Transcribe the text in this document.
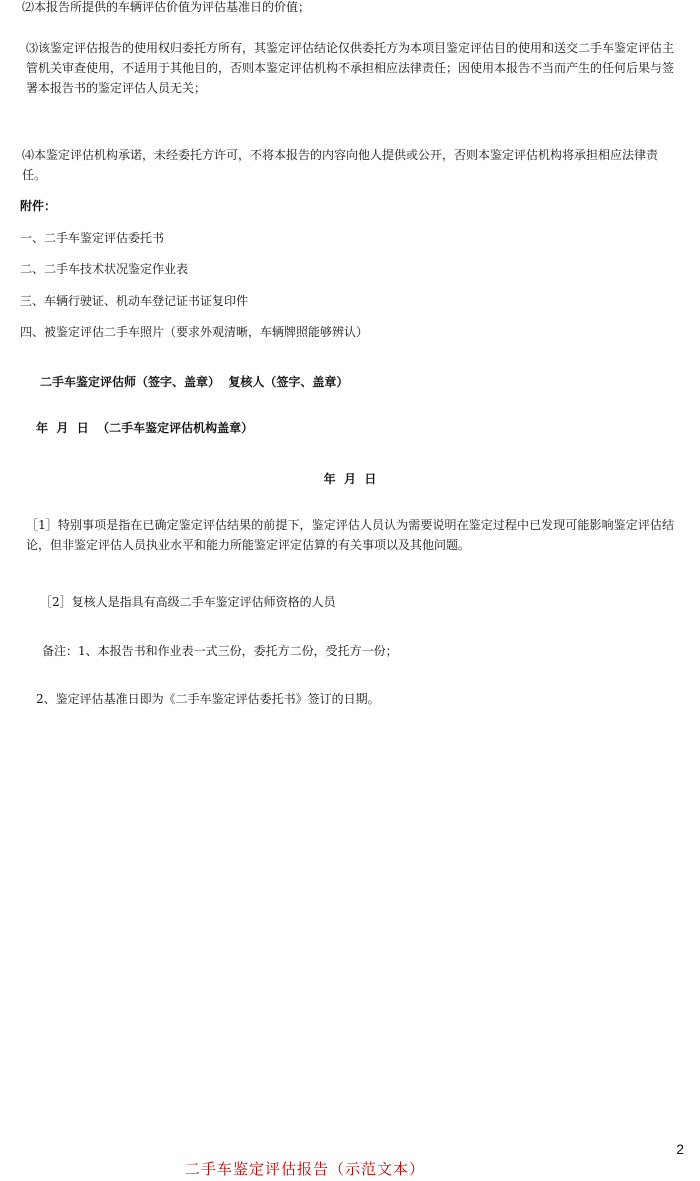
⑵本报告所提供的车辆评估价值为评估基准日的价值；

⑶该鉴定评估报告的使用权归委托方所有，其鉴定评估结论仅供委托方为本项目鉴定评估目的使用和送交二手车鉴定评估主管机关审查使用，不适用于其他目的，否则本鉴定评估机构不承担相应法律责任；因使用本报告不当而产生的任何后果与签署本报告书的鉴定评估人员无关；

⑷本鉴定评估机构承诺，未经委托方许可，不将本报告的内容向他人提供或公开，否则本鉴定评估机构将承担相应法律责任。

附件：

一、二手车鉴定评估委托书

二、二手车技术状况鉴定作业表

三、车辆行驶证、机动车登记证书证复印件

四、被鉴定评估二手车照片（要求外观清晰，车辆牌照能够辨认）

二手车鉴定评估师（签字、盖章）  复核人（签字、盖章）

年  月  日  （二手车鉴定评估机构盖章）

年  月  日

［1］特别事项是指在已确定鉴定评估结果的前提下，鉴定评估人员认为需要说明在鉴定过程中已发现可能影响鉴定评估结论，但非鉴定评估人员执业水平和能力所能鉴定评定估算的有关事项以及其他问题。

［2］复核人是指具有高级二手车鉴定评估师资格的人员

备注：1、本报告书和作业表一式三份，委托方二份，受托方一份；

2、鉴定评估基准日即为《二手车鉴定评估委托书》签订的日期。

2
二手车鉴定评估报告（示范文本）
